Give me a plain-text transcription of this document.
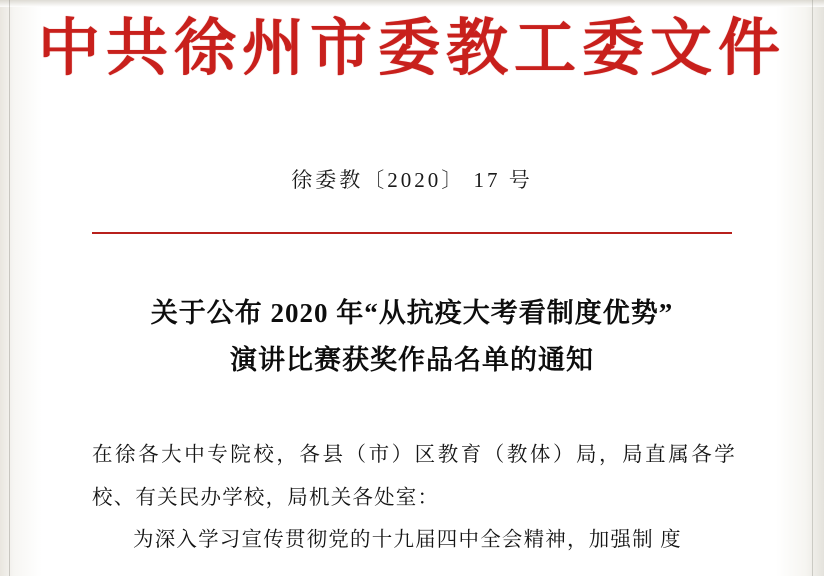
中共徐州市委教工委文件
徐委教〔2020〕 17 号
关于公布 2020 年“从抗疫大考看制度优势”
演讲比赛获奖作品名单的通知

在徐各大中专院校，各县（市）区教育（教体）局，局直属各学校、有关民办学校，局机关各处室：

为深入学习宣传贯彻党的十九届四中全会精神，加强制 度
